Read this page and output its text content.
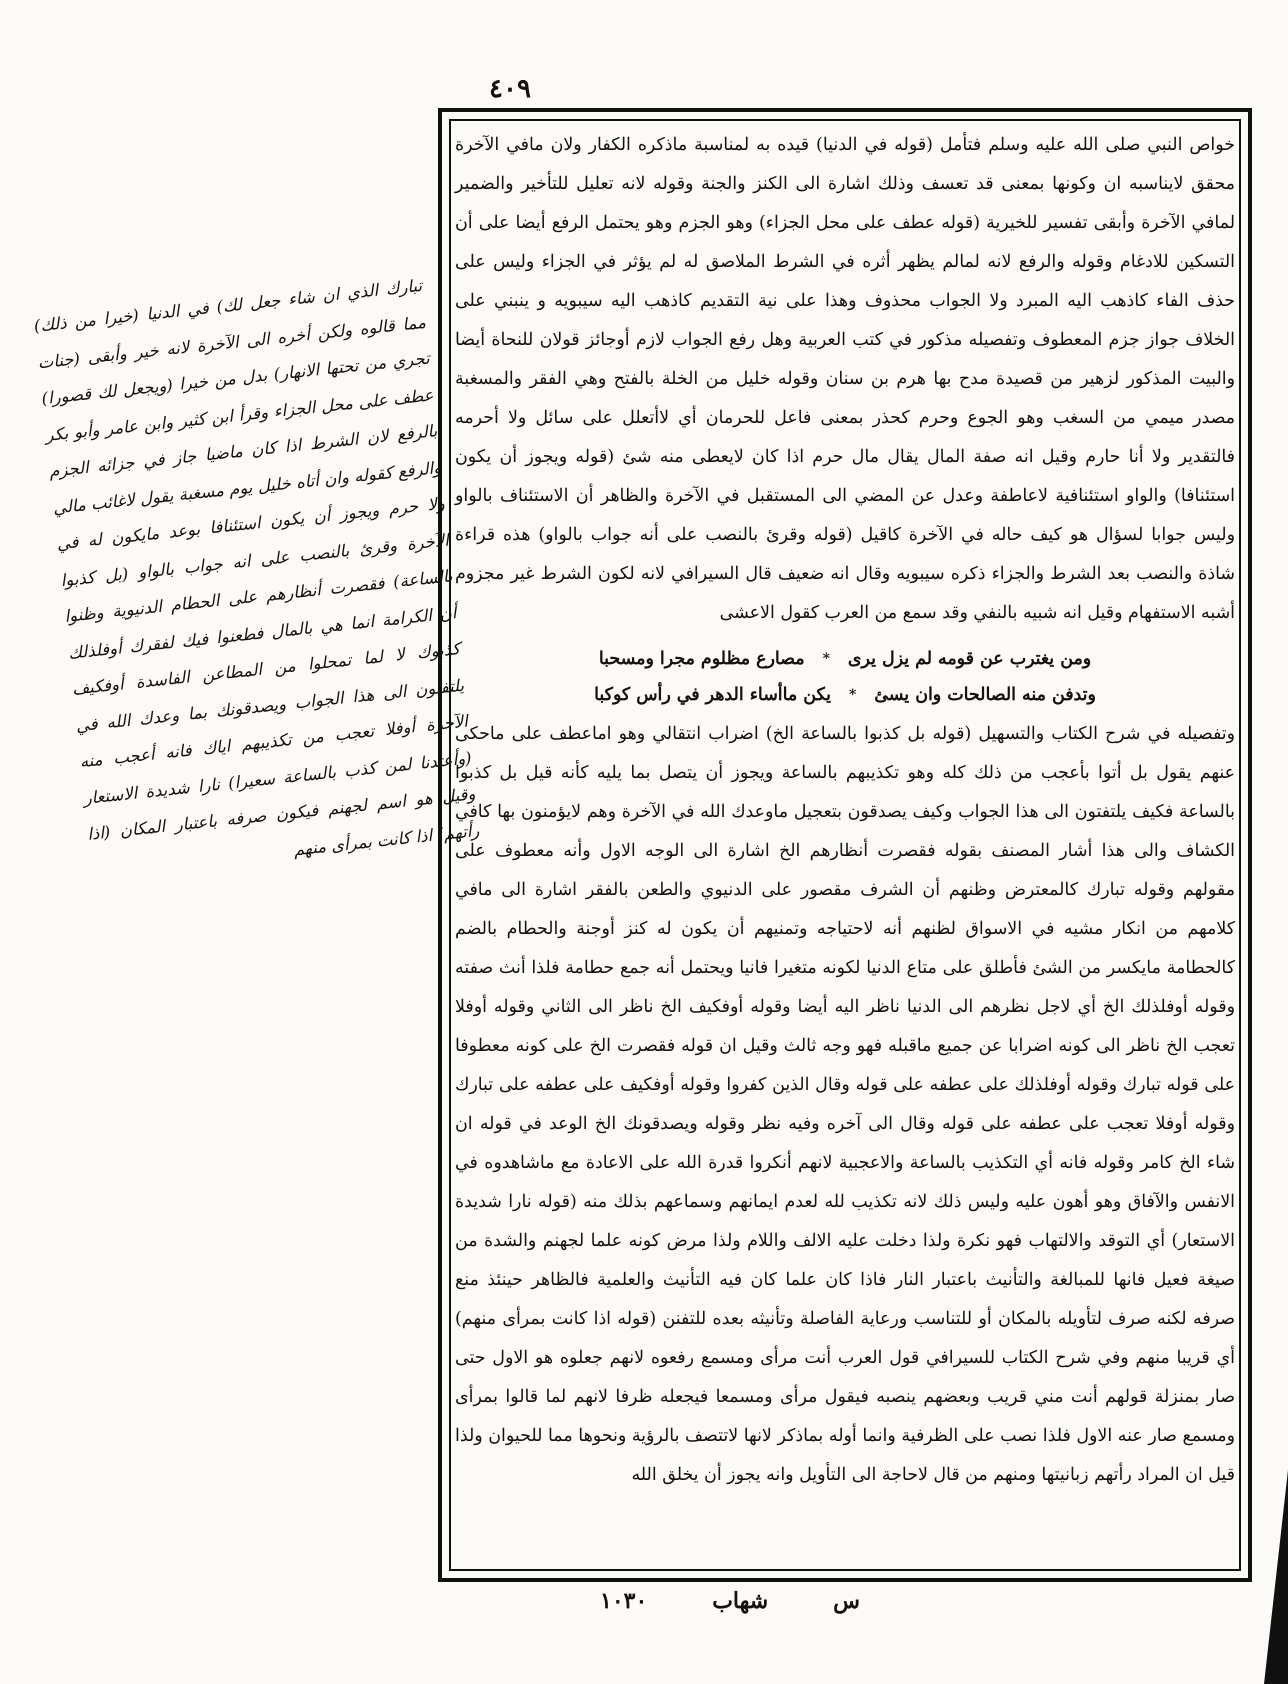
٤٠٩

تبارك الذي ان شاء جعل لك) في الدنيا (خيرا من ذلك) مما قالوه ولكن أخره الى الآخرة لانه خير وأبقى (جنات تجري من تحتها الانهار) بدل من خيرا (ويجعل لك قصورا) عطف على محل الجزاء وقرأ ابن كثير وابن عامر وأبو بكر بالرفع لان الشرط اذا كان ماضيا جاز في جزائه الجزم والرفع كقوله وان أتاه خليل يوم مسغبة يقول لاغائب مالي ولا حرم ويجوز أن يكون استئنافا بوعد مايكون له في الآخرة وقرئ بالنصب على انه جواب بالواو (بل كذبوا بالساعة) فقصرت أنظارهم على الحطام الدنيوية وظنوا أن الكرامة انما هي بالمال فطعنوا فيك لفقرك أوفلذلك كذبوك لا لما تمحلوا من المطاعن الفاسدة أوفكيف يلتفتون الى هذا الجواب ويصدقونك بما وعدك الله في الآخرة أوفلا تعجب من تكذيبهم اياك فانه أعجب منه (وأعتدنا لمن كذب بالساعة سعيرا) نارا شديدة الاستعار وقيل هو اسم لجهنم فيكون صرفه باعتبار المكان (اذا رأتهم) اذا كانت بمرأى منهم

خواص النبي صلى الله عليه وسلم فتأمل (قوله في الدنيا) قيده به لمناسبة ماذكره الكفار ولان مافي الآخرة محقق لايناسبه ان وكونها بمعنى قد تعسف وذلك اشارة الى الكنز والجنة وقوله لانه تعليل للتأخير والضمير لمافي الآخرة وأبقى تفسير للخيرية (قوله عطف على محل الجزاء) وهو الجزم وهو يحتمل الرفع أيضا على أن التسكين للادغام وقوله والرفع لانه لمالم يظهر أثره في الشرط الملاصق له لم يؤثر في الجزاء وليس على حذف الفاء كاذهب اليه المبرد ولا الجواب محذوف وهذا على نية التقديم كاذهب اليه سيبويه و ينبني على الخلاف جواز جزم المعطوف وتفصيله مذكور في كتب العربية وهل رفع الجواب لازم أوجائز قولان للنحاة أيضا والبيت المذكور لزهير من قصيدة مدح بها هرم بن سنان وقوله خليل من الخلة بالفتح وهي الفقر والمسغبة مصدر ميمي من السغب وهو الجوع وحرم كحذر بمعنى فاعل للحرمان أي لاأتعلل على سائل ولا أحرمه فالتقدير ولا أنا حارم وقيل انه صفة المال يقال مال حرم اذا كان لايعطى منه شئ (قوله ويجوز أن يكون استئنافا) والواو استئنافية لاعاطفة وعدل عن المضي الى المستقبل في الآخرة والظاهر أن الاستئناف بالواو وليس جوابا لسؤال هو كيف حاله في الآخرة كاقيل (قوله وقرئ بالنصب على أنه جواب بالواو) هذه قراءة شاذة والنصب بعد الشرط والجزاء ذكره سيبويه وقال انه ضعيف قال السيرافي لانه لكون الشرط غير مجزوم أشبه الاستفهام وقيل انه شبيه بالنفي وقد سمع من العرب كقول الاعشى

ومن يغترب عن قومه لم يزل يرى
*
مصارع مظلوم مجرا ومسحبا
وتدفن منه الصالحات وان يسئ
*
يكن ماأساء الدهر في رأس كوكبا

وتفصيله في شرح الكتاب والتسهيل (قوله بل كذبوا بالساعة الخ) اضراب انتقالي وهو اماعطف على ماحكى عنهم يقول بل أتوا بأعجب من ذلك كله وهو تكذيبهم بالساعة ويجوز أن يتصل بما يليه كأنه قيل بل كذبوا بالساعة فكيف يلتفتون الى هذا الجواب وكيف يصدقون بتعجيل ماوعدك الله في الآخرة وهم لايؤمنون بها كافي الكشاف والى هذا أشار المصنف بقوله فقصرت أنظارهم الخ اشارة الى الوجه الاول وأنه معطوف على مقولهم وقوله تبارك كالمعترض وظنهم أن الشرف مقصور على الدنيوي والطعن بالفقر اشارة الى مافي كلامهم من انكار مشيه في الاسواق لظنهم أنه لاحتياجه وتمنيهم أن يكون له كنز أوجنة والحطام بالضم كالحطامة مايكسر من الشئ فأطلق على متاع الدنيا لكونه متغيرا فانيا ويحتمل أنه جمع حطامة فلذا أنث صفته وقوله أوفلذلك الخ أي لاجل نظرهم الى الدنيا ناظر اليه أيضا وقوله أوفكيف الخ ناظر الى الثاني وقوله أوفلا تعجب الخ ناظر الى كونه اضرابا عن جميع ماقبله فهو وجه ثالث وقيل ان قوله فقصرت الخ على كونه معطوفا على قوله تبارك وقوله أوفلذلك على عطفه على قوله وقال الذين كفروا وقوله أوفكيف على عطفه على تبارك وقوله أوفلا تعجب على عطفه على قوله وقال الى آخره وفيه نظر وقوله ويصدقونك الخ الوعد في قوله ان شاء الخ كامر وقوله فانه أي التكذيب بالساعة والاعجبية لانهم أنكروا قدرة الله على الاعادة مع ماشاهدوه في الانفس والآفاق وهو أهون عليه وليس ذلك لانه تكذيب لله لعدم ايمانهم وسماعهم بذلك منه (قوله نارا شديدة الاستعار) أي التوقد والالتهاب فهو نكرة ولذا دخلت عليه الالف واللام ولذا مرض كونه علما لجهنم والشدة من صيغة فعيل فانها للمبالغة والتأنيث باعتبار النار فاذا كان علما كان فيه التأنيث والعلمية فالظاهر حينئذ منع صرفه لكنه صرف لتأويله بالمكان أو للتناسب ورعاية الفاصلة وتأنيثه بعده للتفنن (قوله اذا كانت بمرأى منهم) أي قريبا منهم وفي شرح الكتاب للسيرافي قول العرب أنت مرأى ومسمع رفعوه لانهم جعلوه هو الاول حتى صار بمنزلة قولهم أنت مني قريب وبعضهم ينصبه فيقول مرأى ومسمعا فيجعله ظرفا لانهم لما قالوا بمرأى ومسمع صار عنه الاول فلذا نصب على الظرفية وانما أوله بماذكر لانها لاتتصف بالرؤية ونحوها مما للحيوان ولذا قيل ان المراد رأتهم زبانيتها ومنهم من قال لاحاجة الى التأويل وانه يجوز أن يخلق الله

س
شهاب
١٠٣٠
